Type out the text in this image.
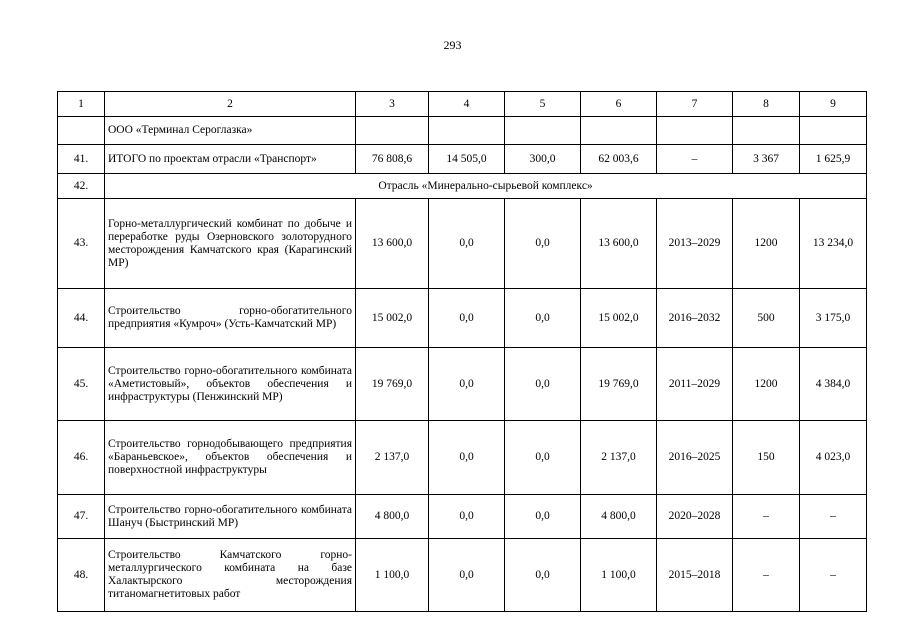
293
1	2	3	4	5	6	7	8	9
	ООО «Терминал Сероглазка»							
41.	ИТОГО по проектам отрасли «Транспорт»	76 808,6	14 505,0	300,0	62 003,6	–	3 367	1 625,9
42.	Отрасль «Минерально-сырьевой комплекс»							
43.	Горно-металлургический комбинат по добыче и переработке руды Озерновского золоторудного месторождения Камчатского края (Карагинский МР)	13 600,0	0,0	0,0	13 600,0	2013–2029	1200	13 234,0
44.	Строительство горно-обогатительного предприятия «Кумроч» (Усть-Камчатский МР)	15 002,0	0,0	0,0	15 002,0	2016–2032	500	3 175,0
45.	Строительство горно-обогатительного комбината «Аметистовый», объектов обеспечения и инфраструктуры (Пенжинский МР)	19 769,0	0,0	0,0	19 769,0	2011–2029	1200	4 384,0
46.	Строительство горнодобывающего предприятия «Бараньевское», объектов обеспечения и поверхностной инфраструктуры	2 137,0	0,0	0,0	2 137,0	2016–2025	150	4 023,0
47.	Строительство горно-обогатительного комбината Шануч (Быстринский МР)	4 800,0	0,0	0,0	4 800,0	2020–2028	–	–
48.	Строительство Камчатского горно-металлургического комбината на базе Халактырского месторождения титаномагнетитовых работ	1 100,0	0,0	0,0	1 100,0	2015–2018	–	–
